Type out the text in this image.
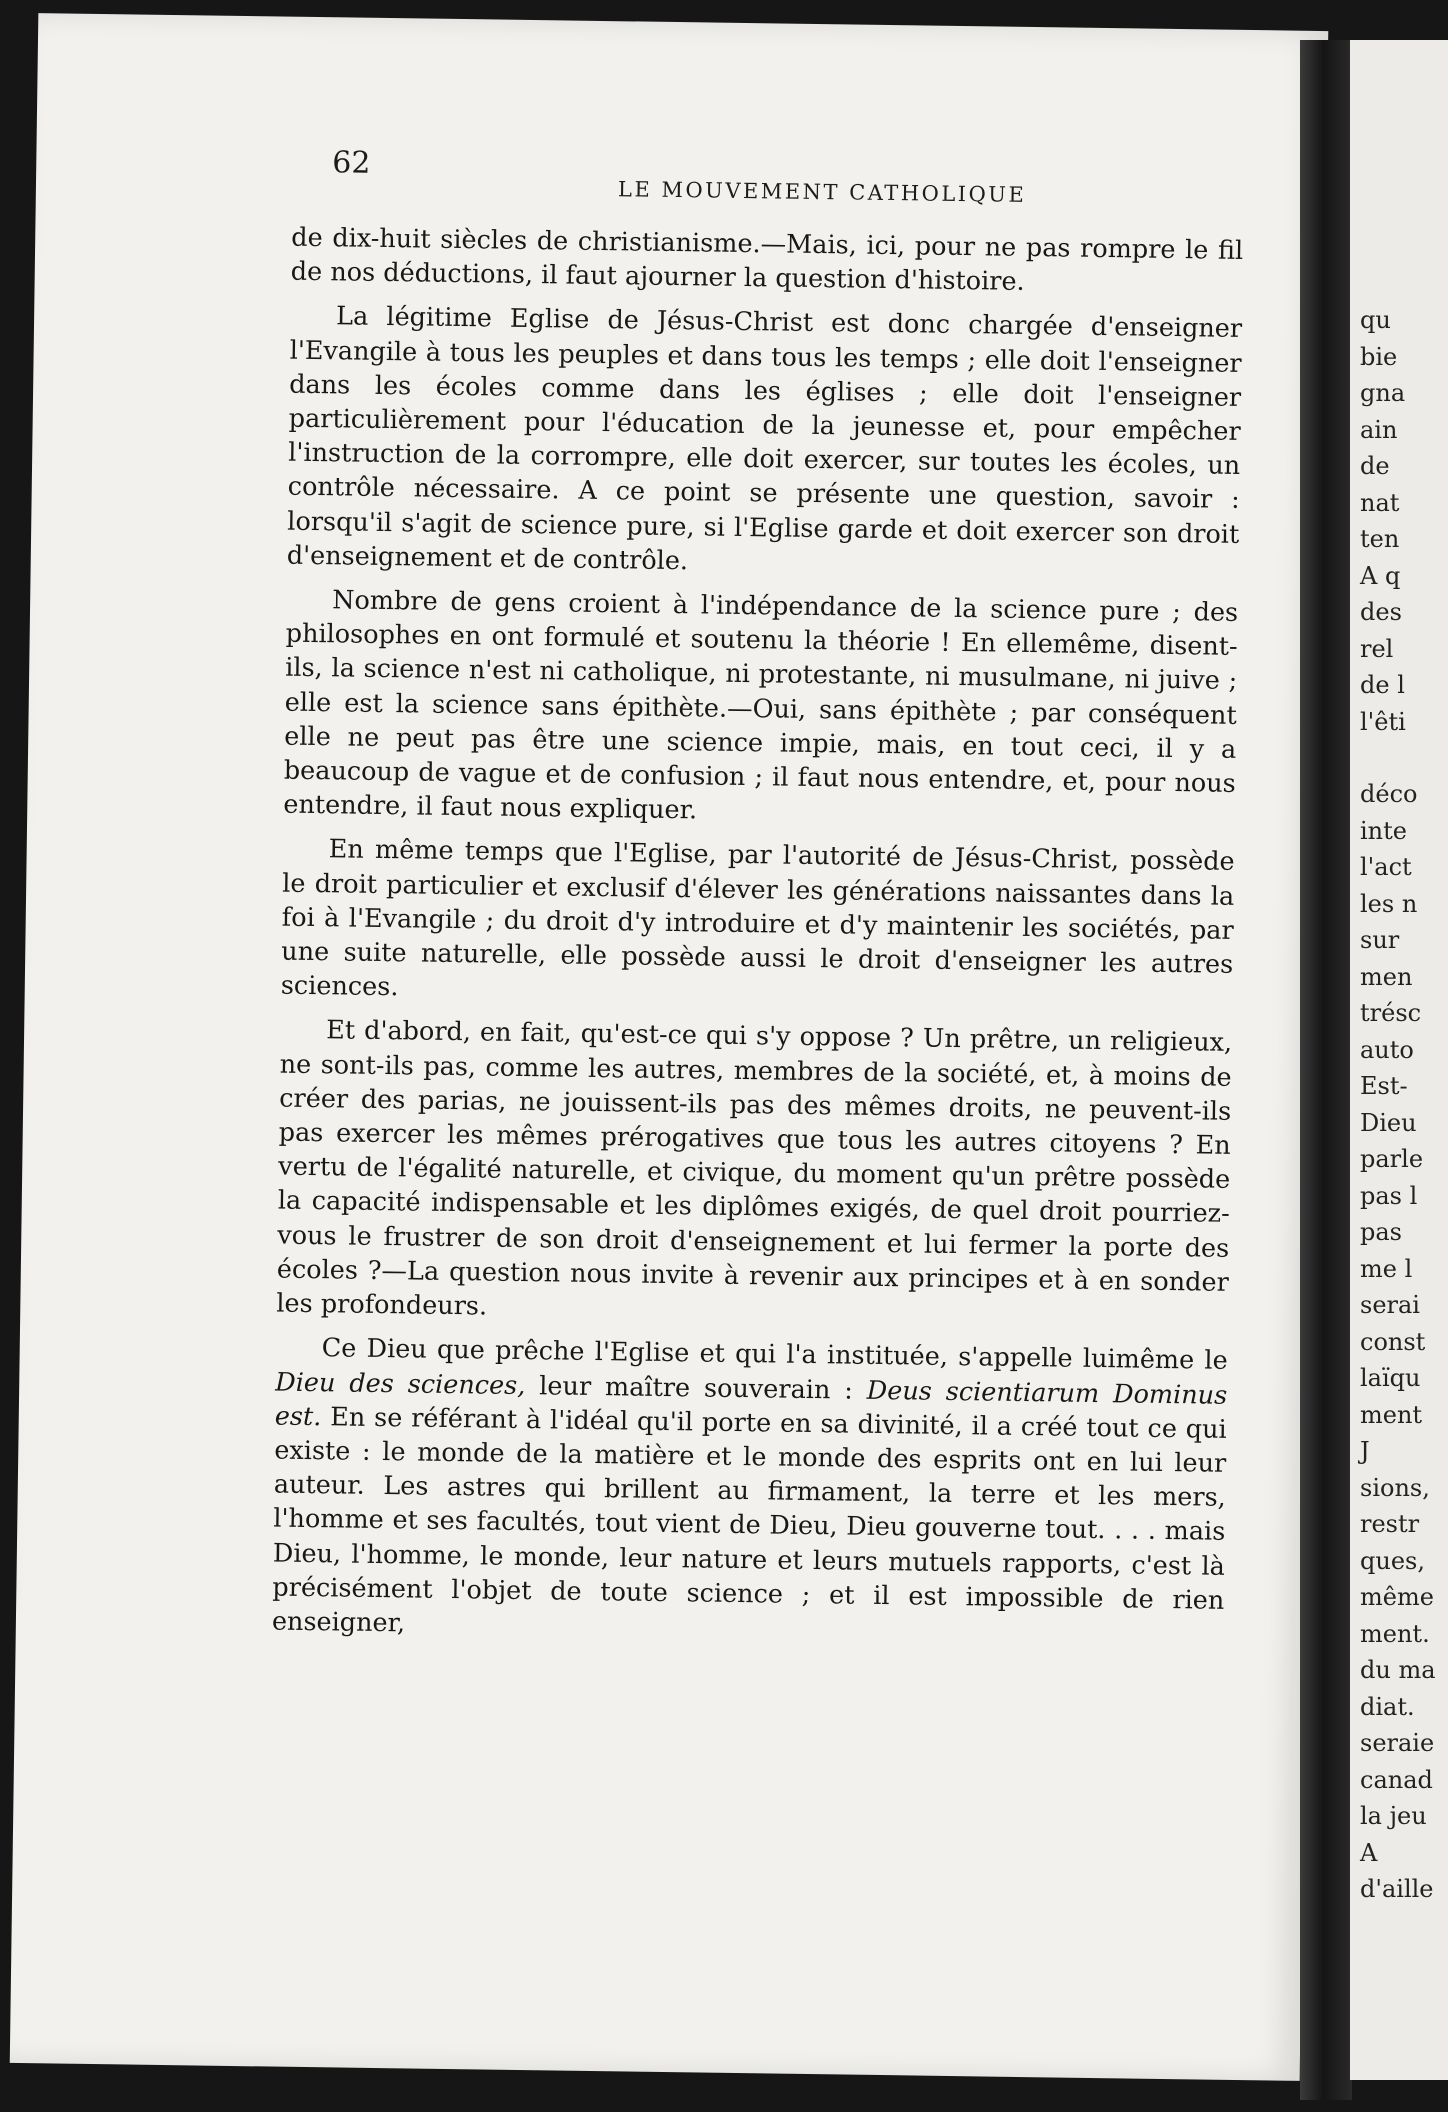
62
LE MOUVEMENT CATHOLIQUE

de dix-huit siècles de christianisme.—Mais, ici, pour ne pas rompre le fil de nos déductions, il faut ajourner la question d'histoire.

La légitime Eglise de Jésus-Christ est donc chargée d'enseigner l'Evangile à tous les peuples et dans tous les temps ; elle doit l'enseigner dans les écoles comme dans les églises ; elle doit l'enseigner particulièrement pour l'éducation de la jeunesse et, pour empêcher l'instruction de la corrompre, elle doit exercer, sur toutes les écoles, un contrôle nécessaire. A ce point se présente une question, savoir : lorsqu'il s'agit de science pure, si l'Eglise garde et doit exercer son droit d'enseignement et de contrôle.

Nombre de gens croient à l'indépendance de la science pure ; des philosophes en ont formulé et soutenu la théorie ! En ellemême, disent-ils, la science n'est ni catholique, ni protestante, ni musulmane, ni juive ; elle est la science sans épithète.—Oui, sans épithète ; par conséquent elle ne peut pas être une science impie, mais, en tout ceci, il y a beaucoup de vague et de confusion ; il faut nous entendre, et, pour nous entendre, il faut nous expliquer.

En même temps que l'Eglise, par l'autorité de Jésus-Christ, possède le droit particulier et exclusif d'élever les générations naissantes dans la foi à l'Evangile ; du droit d'y introduire et d'y maintenir les sociétés, par une suite naturelle, elle possède aussi le droit d'enseigner les autres sciences.

Et d'abord, en fait, qu'est-ce qui s'y oppose ? Un prêtre, un religieux, ne sont-ils pas, comme les autres, membres de la société, et, à moins de créer des parias, ne jouissent-ils pas des mêmes droits, ne peuvent-ils pas exercer les mêmes prérogatives que tous les autres citoyens ? En vertu de l'égalité naturelle, et civique, du moment qu'un prêtre possède la capacité indispensable et les diplômes exigés, de quel droit pourriez-vous le frustrer de son droit d'enseignement et lui fermer la porte des écoles ?—La question nous invite à revenir aux principes et à en sonder les profondeurs.

Ce Dieu que prêche l'Eglise et qui l'a instituée, s'appelle luimême le Dieu des sciences, leur maître souverain : Deus scientiarum Dominus est. En se référant à l'idéal qu'il porte en sa divinité, il a créé tout ce qui existe : le monde de la matière et le monde des esprits ont en lui leur auteur. Les astres qui brillent au firmament, la terre et les mers, l'homme et ses facultés, tout vient de Dieu, Dieu gouverne tout. . . . mais Dieu, l'homme, le monde, leur nature et leurs mutuels rapports, c'est là précisément l'objet de toute science ; et il est impossible de rien enseigner,

qu
bie
gna
ain
de
nat
ten
A q
des
rel
de l
l'êti
déco
inte
l'act
les n
sur
men
trésc
auto
Est-
Dieu
parle
pas l
pas
me l
serai
const
laïqu
ment
J
sions,
restr
ques,
même
ment.
du ma
diat.
seraie
canad
la jeu
A
d'aille
